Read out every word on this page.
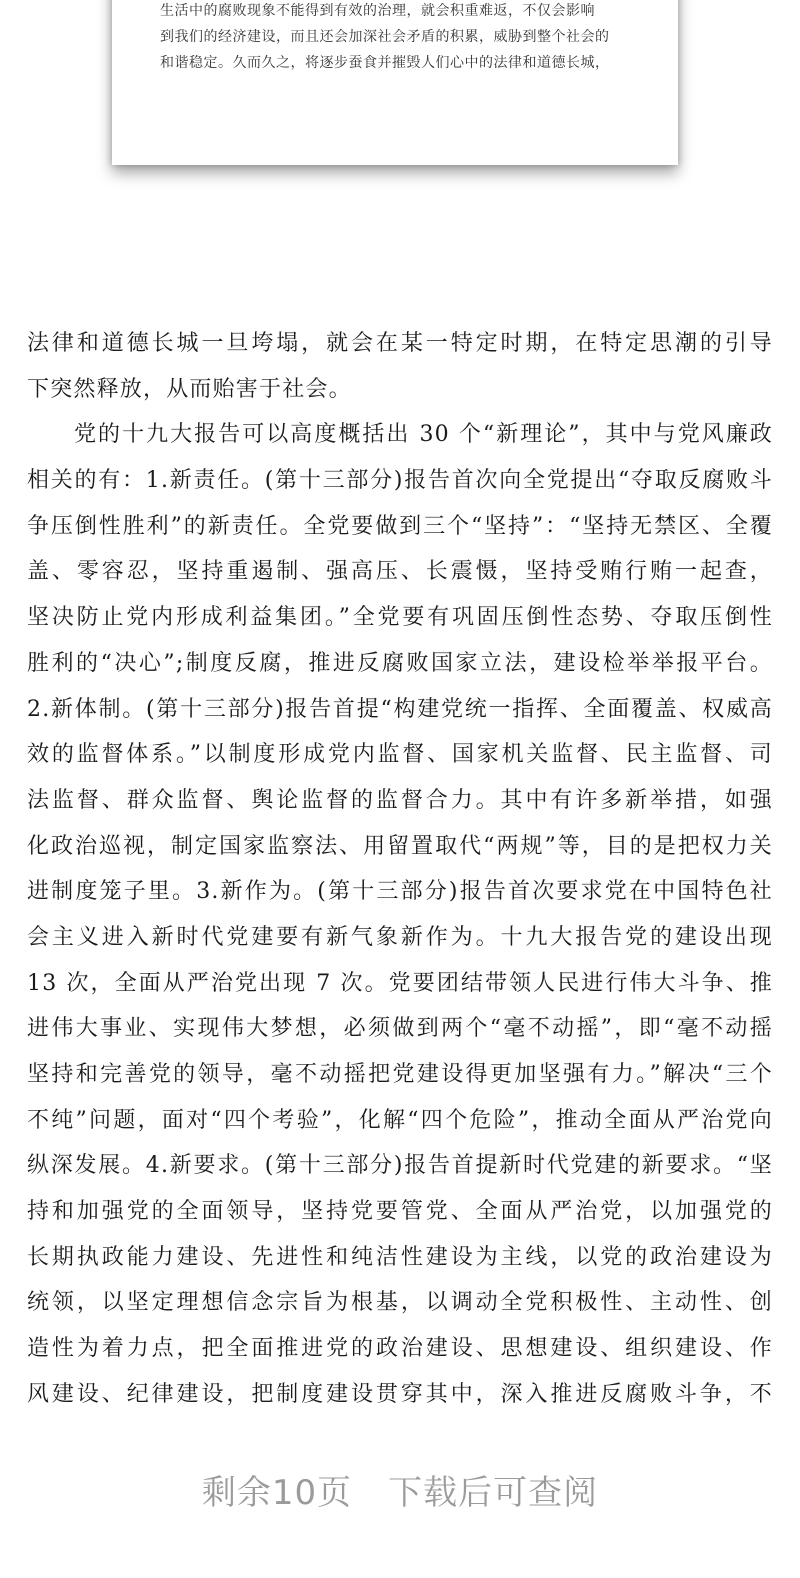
生活中的腐败现象不能得到有效的治理，就会积重难返，不仅会影响
到我们的经济建设，而且还会加深社会矛盾的积累，威胁到整个社会的
和谐稳定。久而久之，将逐步蚕食并摧毁人们心中的法律和道德长城，

法律和道德长城一旦垮塌，就会在某一特定时期，在特定思潮的引导
下突然释放，从而贻害于社会。
党的十九大报告可以高度概括出 30 个“新理论”，其中与党风廉政
相关的有：1.新责任。(第十三部分)报告首次向全党提出“夺取反腐败斗
争压倒性胜利”的新责任。全党要做到三个“坚持”：“坚持无禁区、全覆
盖、零容忍，坚持重遏制、强高压、长震慑，坚持受贿行贿一起查，
坚决防止党内形成利益集团。”全党要有巩固压倒性态势、夺取压倒性
胜利的“决心”;制度反腐，推进反腐败国家立法，建设检举举报平台。
2.新体制。(第十三部分)报告首提“构建党统一指挥、全面覆盖、权威高
效的监督体系。”以制度形成党内监督、国家机关监督、民主监督、司
法监督、群众监督、舆论监督的监督合力。其中有许多新举措，如强
化政治巡视，制定国家监察法、用留置取代“两规”等，目的是把权力关
进制度笼子里。3.新作为。(第十三部分)报告首次要求党在中国特色社
会主义进入新时代党建要有新气象新作为。十九大报告党的建设出现
13 次，全面从严治党出现 7 次。党要团结带领人民进行伟大斗争、推
进伟大事业、实现伟大梦想，必须做到两个“毫不动摇”，即“毫不动摇
坚持和完善党的领导，毫不动摇把党建设得更加坚强有力。”解决“三个
不纯”问题，面对“四个考验”，化解“四个危险”，推动全面从严治党向
纵深发展。4.新要求。(第十三部分)报告首提新时代党建的新要求。“坚
持和加强党的全面领导，坚持党要管党、全面从严治党，以加强党的
长期执政能力建设、先进性和纯洁性建设为主线，以党的政治建设为
统领，以坚定理想信念宗旨为根基，以调动全党积极性、主动性、创
造性为着力点，把全面推进党的政治建设、思想建设、组织建设、作
风建设、纪律建设，把制度建设贯穿其中，深入推进反腐败斗争，不
剩余10页 下载后可查阅
